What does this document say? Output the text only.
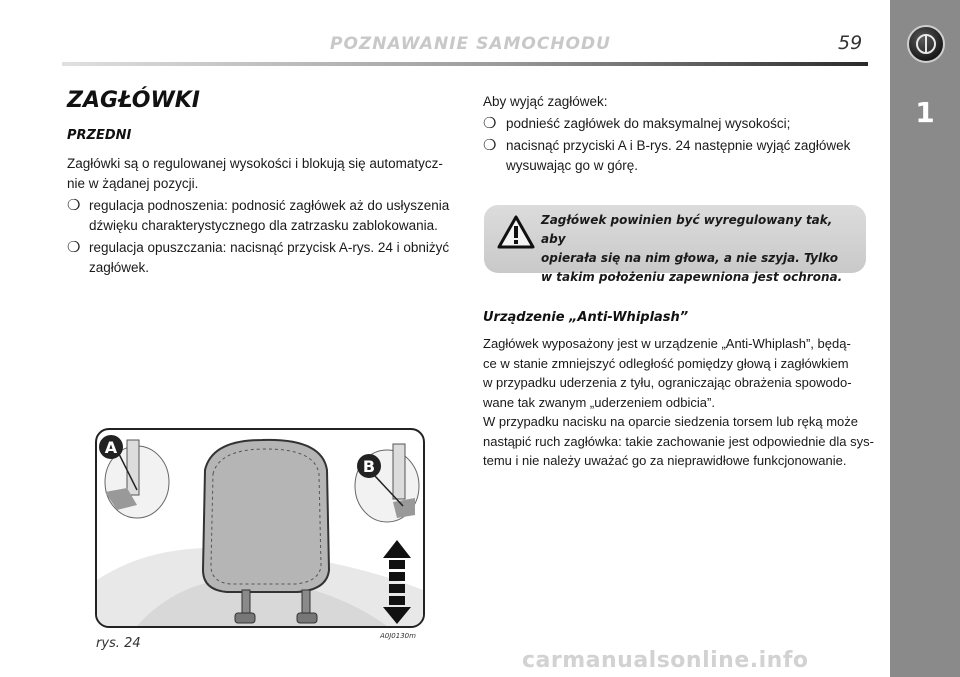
POZNAWANIE SAMOCHODU	59
1
ZAGŁÓWKI
PRZEDNI
Zagłówki są o regulowanej wysokości i blokują się automatycz-
nie w żądanej pozycji.
❍ regulacja podnoszenia: podnosić zagłówek aż do usłyszenia
dźwięku charakterystycznego dla zatrzasku zablokowania.
❍ regulacja opuszczania: nacisnąć przycisk A-rys. 24 i obniżyć
zagłówek.
A
B
rys. 24	A0J0130m
Aby wyjąć zagłówek:
❍ podnieść zagłówek do maksymalnej wysokości;
❍ nacisnąć przyciski A i B-rys. 24 następnie wyjąć zagłówek
wysuwając go w górę.
Zagłówek powinien być wyregulowany tak, aby
opierała się na nim głowa, a nie szyja. Tylko
w takim położeniu zapewniona jest ochrona.
Urządzenie „Anti-Whiplash”
Zagłówek wyposażony jest w urządzenie „Anti-Whiplash”, będą-
ce w stanie zmniejszyć odległość pomiędzy głową i zagłówkiem
w przypadku uderzenia z tyłu, ograniczając obrażenia spowodo-
wane tak zwanym „uderzeniem odbicia”.
W przypadku nacisku na oparcie siedzenia torsem lub ręką może
nastąpić ruch zagłówka: takie zachowanie jest odpowiednie dla sys-
temu i nie należy uważać go za nieprawidłowe funkcjonowanie.
carmanualsonline.info
